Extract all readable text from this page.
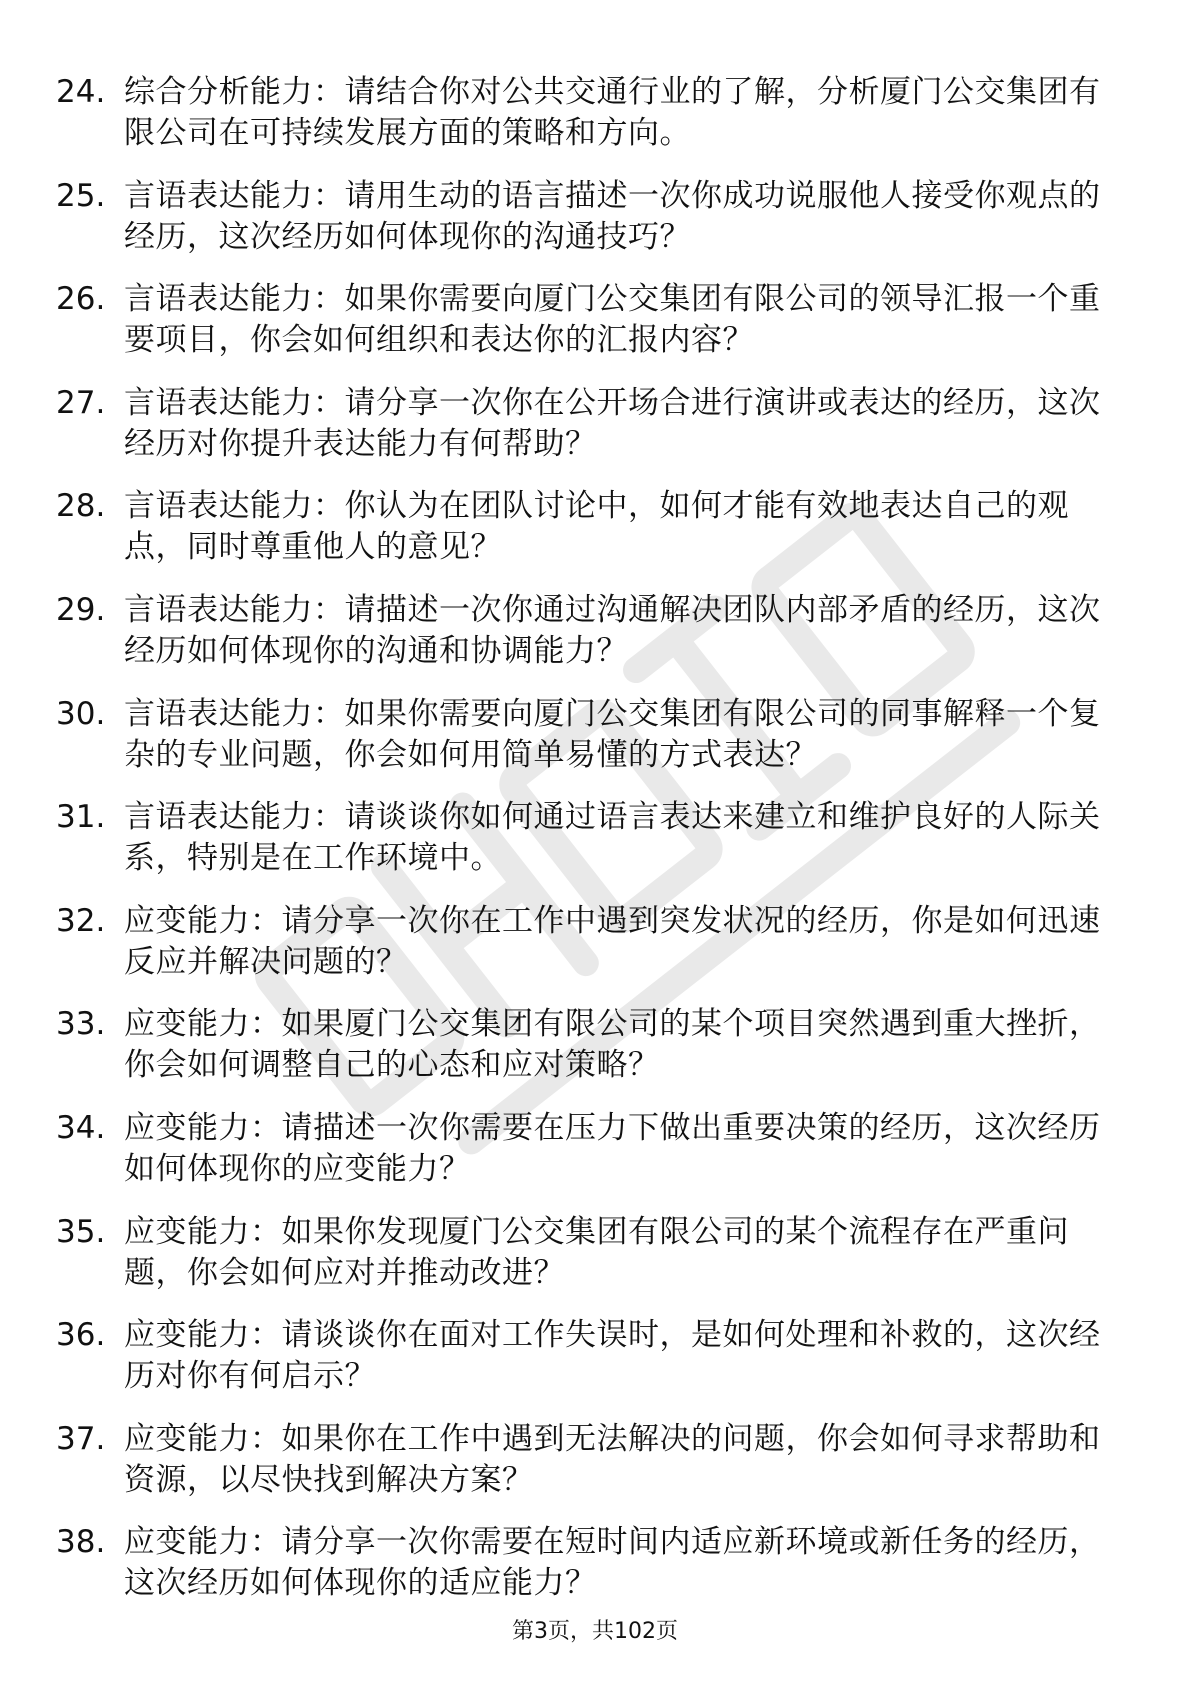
24. 综合分析能力：请结合你对公共交通行业的了解，分析厦门公交集团有限公司在可持续发展方面的策略和方向。
25. 言语表达能力：请用生动的语言描述一次你成功说服他人接受你观点的经历，这次经历如何体现你的沟通技巧？
26. 言语表达能力：如果你需要向厦门公交集团有限公司的领导汇报一个重要项目，你会如何组织和表达你的汇报内容？
27. 言语表达能力：请分享一次你在公开场合进行演讲或表达的经历，这次经历对你提升表达能力有何帮助？
28. 言语表达能力：你认为在团队讨论中，如何才能有效地表达自己的观点，同时尊重他人的意见？
29. 言语表达能力：请描述一次你通过沟通解决团队内部矛盾的经历，这次经历如何体现你的沟通和协调能力？
30. 言语表达能力：如果你需要向厦门公交集团有限公司的同事解释一个复杂的专业问题，你会如何用简单易懂的方式表达？
31. 言语表达能力：请谈谈你如何通过语言表达来建立和维护良好的人际关系，特别是在工作环境中。
32. 应变能力：请分享一次你在工作中遇到突发状况的经历，你是如何迅速反应并解决问题的？
33. 应变能力：如果厦门公交集团有限公司的某个项目突然遇到重大挫折，你会如何调整自己的心态和应对策略？
34. 应变能力：请描述一次你需要在压力下做出重要决策的经历，这次经历如何体现你的应变能力？
35. 应变能力：如果你发现厦门公交集团有限公司的某个流程存在严重问题，你会如何应对并推动改进？
36. 应变能力：请谈谈你在面对工作失误时，是如何处理和补救的，这次经历对你有何启示？
37. 应变能力：如果你在工作中遇到无法解决的问题，你会如何寻求帮助和资源，以尽快找到解决方案？
38. 应变能力：请分享一次你需要在短时间内适应新环境或新任务的经历，这次经历如何体现你的适应能力？
第3页，共102页
